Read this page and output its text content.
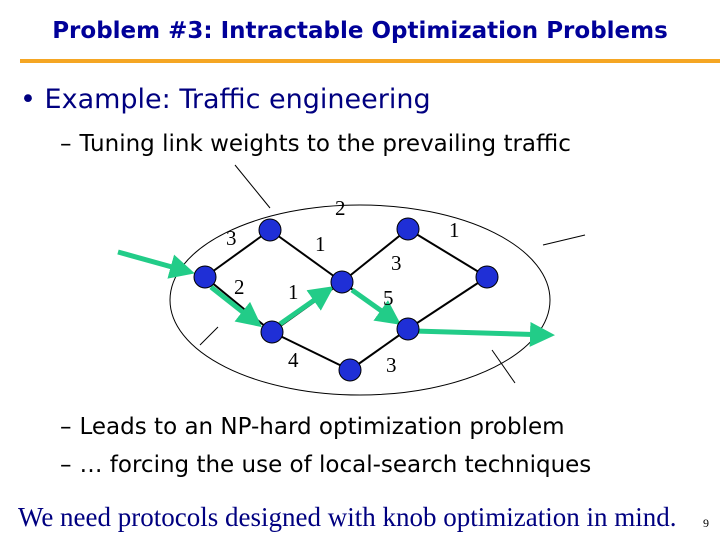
Problem #3: Intractable Optimization Problems
• Example: Traffic engineering
– Tuning link weights to the prevailing traffic
3
2
1
1
3
2 1	5
4	3
– Leads to an NP-hard optimization problem
– … forcing the use of local-search techniques
We need protocols designed with knob optimization in mind. 9
